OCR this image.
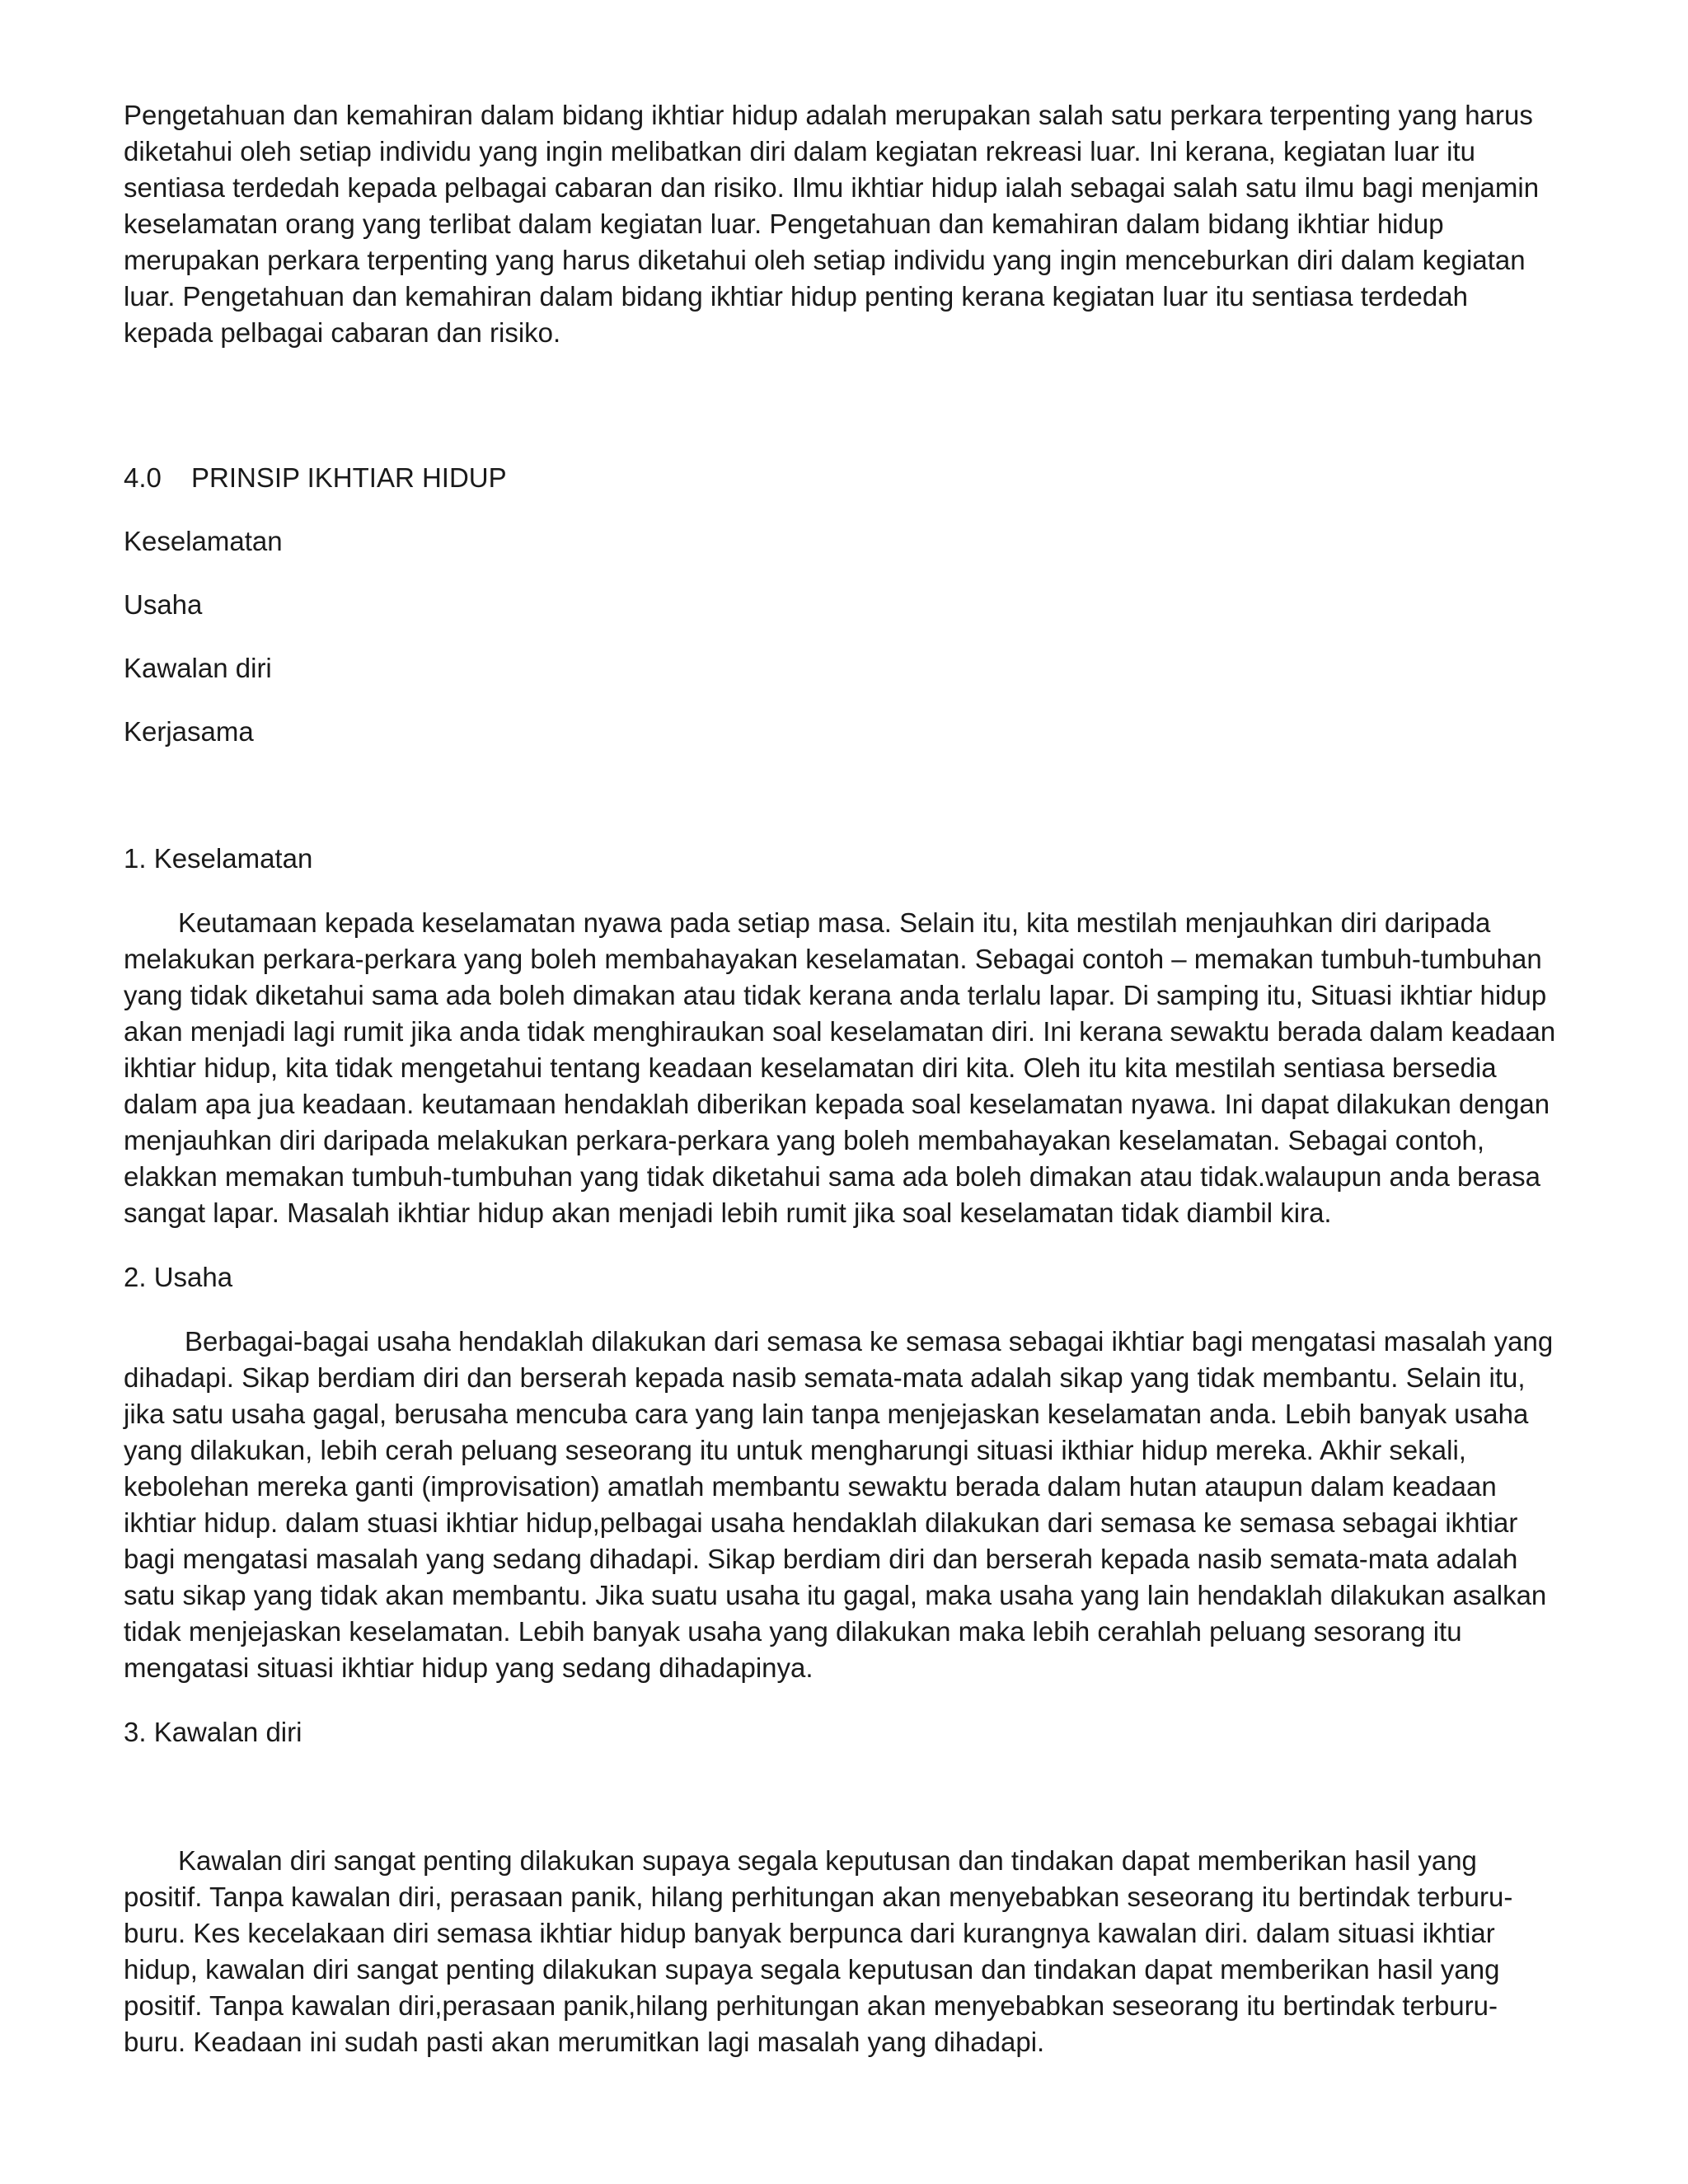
Pengetahuan dan kemahiran dalam bidang ikhtiar hidup adalah merupakan salah satu perkara terpenting yang harus diketahui oleh setiap individu yang ingin melibatkan diri dalam kegiatan rekreasi luar. Ini kerana, kegiatan luar itu sentiasa terdedah kepada pelbagai cabaran dan risiko. Ilmu ikhtiar hidup ialah sebagai salah satu ilmu bagi menjamin keselamatan orang yang terlibat dalam kegiatan luar. Pengetahuan dan kemahiran dalam bidang ikhtiar hidup merupakan perkara terpenting yang harus diketahui oleh setiap individu yang ingin menceburkan diri dalam kegiatan luar. Pengetahuan dan kemahiran dalam bidang ikhtiar hidup penting kerana kegiatan luar itu sentiasa terdedah kepada pelbagai cabaran dan risiko.

4.0 PRINSIP IKHTIAR HIDUP

Keselamatan

Usaha

Kawalan diri

Kerjasama

1. Keselamatan

Keutamaan kepada keselamatan nyawa pada setiap masa. Selain itu, kita mestilah menjauhkan diri daripada melakukan perkara-perkara yang boleh membahayakan keselamatan. Sebagai contoh – memakan tumbuh-tumbuhan yang tidak diketahui sama ada boleh dimakan atau tidak kerana anda terlalu lapar. Di samping itu, Situasi ikhtiar hidup akan menjadi lagi rumit jika anda tidak menghiraukan soal keselamatan diri. Ini kerana sewaktu berada dalam keadaan ikhtiar hidup, kita tidak mengetahui tentang keadaan keselamatan diri kita. Oleh itu kita mestilah sentiasa bersedia dalam apa jua keadaan. keutamaan hendaklah diberikan kepada soal keselamatan nyawa. Ini dapat dilakukan dengan menjauhkan diri daripada melakukan perkara-perkara yang boleh membahayakan keselamatan. Sebagai contoh, elakkan memakan tumbuh-tumbuhan yang tidak diketahui sama ada boleh dimakan atau tidak.walaupun anda berasa sangat lapar. Masalah ikhtiar hidup akan menjadi lebih rumit jika soal keselamatan tidak diambil kira.

2. Usaha

Berbagai-bagai usaha hendaklah dilakukan dari semasa ke semasa sebagai ikhtiar bagi mengatasi masalah yang dihadapi. Sikap berdiam diri dan berserah kepada nasib semata-mata adalah sikap yang tidak membantu. Selain itu, jika satu usaha gagal, berusaha mencuba cara yang lain tanpa menjejaskan keselamatan anda. Lebih banyak usaha yang dilakukan, lebih cerah peluang seseorang itu untuk mengharungi situasi ikthiar hidup mereka. Akhir sekali, kebolehan mereka ganti (improvisation) amatlah membantu sewaktu berada dalam hutan ataupun dalam keadaan ikhtiar hidup. dalam stuasi ikhtiar hidup,pelbagai usaha hendaklah dilakukan dari semasa ke semasa sebagai ikhtiar bagi mengatasi masalah yang sedang dihadapi. Sikap berdiam diri dan berserah kepada nasib semata-mata adalah satu sikap yang tidak akan membantu. Jika suatu usaha itu gagal, maka usaha yang lain hendaklah dilakukan asalkan tidak menjejaskan keselamatan. Lebih banyak usaha yang dilakukan maka lebih cerahlah peluang sesorang itu mengatasi situasi ikhtiar hidup yang sedang dihadapinya.

3. Kawalan diri

Kawalan diri sangat penting dilakukan supaya segala keputusan dan tindakan dapat memberikan hasil yang positif. Tanpa kawalan diri, perasaan panik, hilang perhitungan akan menyebabkan seseorang itu bertindak terburu-buru. Kes kecelakaan diri semasa ikhtiar hidup banyak berpunca dari kurangnya kawalan diri. dalam situasi ikhtiar hidup, kawalan diri sangat penting dilakukan supaya segala keputusan dan tindakan dapat memberikan hasil yang positif. Tanpa kawalan diri,perasaan panik,hilang perhitungan akan menyebabkan seseorang itu bertindak terburu-buru. Keadaan ini sudah pasti akan merumitkan lagi masalah yang dihadapi.
